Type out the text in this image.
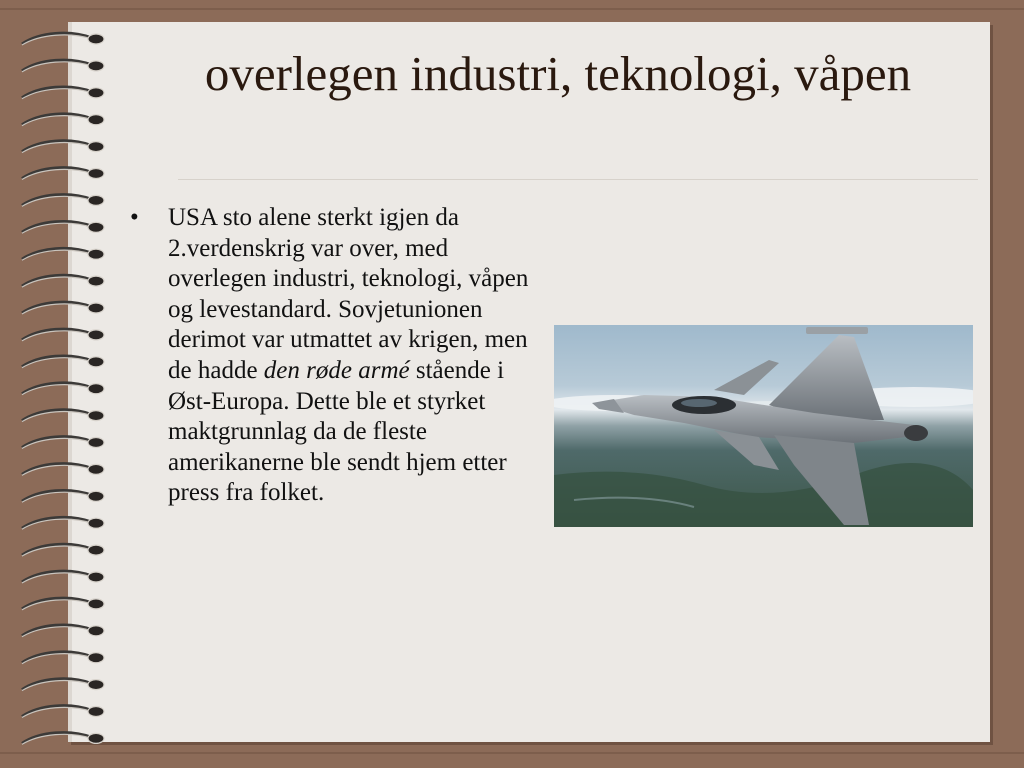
overlegen industri, teknologi, våpen
• USA sto alene sterkt igjen da 2.verdenskrig var over, med overlegen industri, teknologi, våpen og levestandard. Sovjetunionen derimot var utmattet av krigen, men de hadde den røde armé stående i Øst-Europa. Dette ble et styrket maktgrunnlag da de fleste amerikanerne ble sendt hjem etter press fra folket.
